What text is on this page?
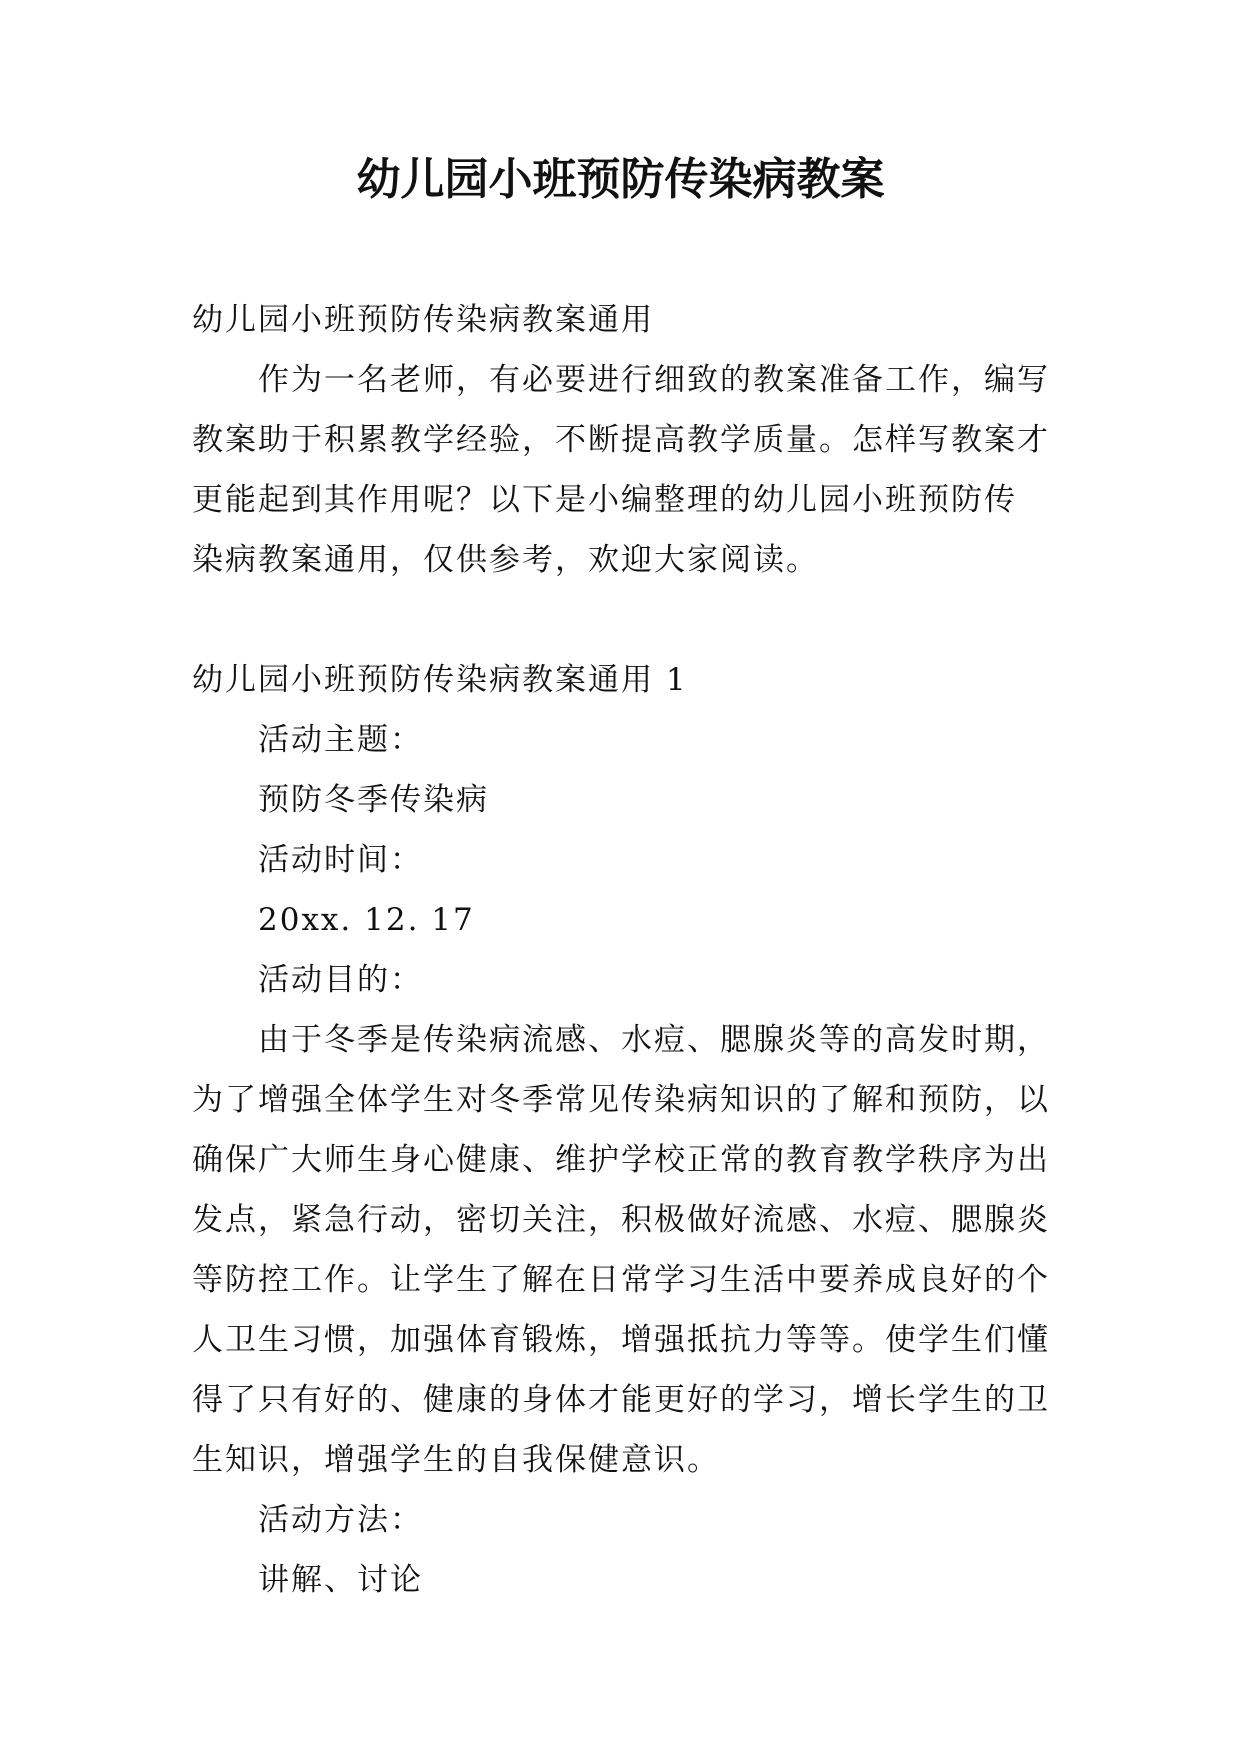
幼儿园小班预防传染病教案
幼儿园小班预防传染病教案通用
作为一名老师，有必要进行细致的教案准备工作，编写
教案助于积累教学经验，不断提高教学质量。怎样写教案才
更能起到其作用呢？以下是小编整理的幼儿园小班预防传
染病教案通用，仅供参考，欢迎大家阅读。
幼儿园小班预防传染病教案通用 1
活动主题：
预防冬季传染病
活动时间：
20xx. 12. 17
活动目的：
由于冬季是传染病流感、水痘、腮腺炎等的高发时期，
为了增强全体学生对冬季常见传染病知识的了解和预防，以
确保广大师生身心健康、维护学校正常的教育教学秩序为出
发点，紧急行动，密切关注，积极做好流感、水痘、腮腺炎
等防控工作。让学生了解在日常学习生活中要养成良好的个
人卫生习惯，加强体育锻炼，增强抵抗力等等。使学生们懂
得了只有好的、健康的身体才能更好的学习，增长学生的卫
生知识，增强学生的自我保健意识。
活动方法：
讲解、讨论
